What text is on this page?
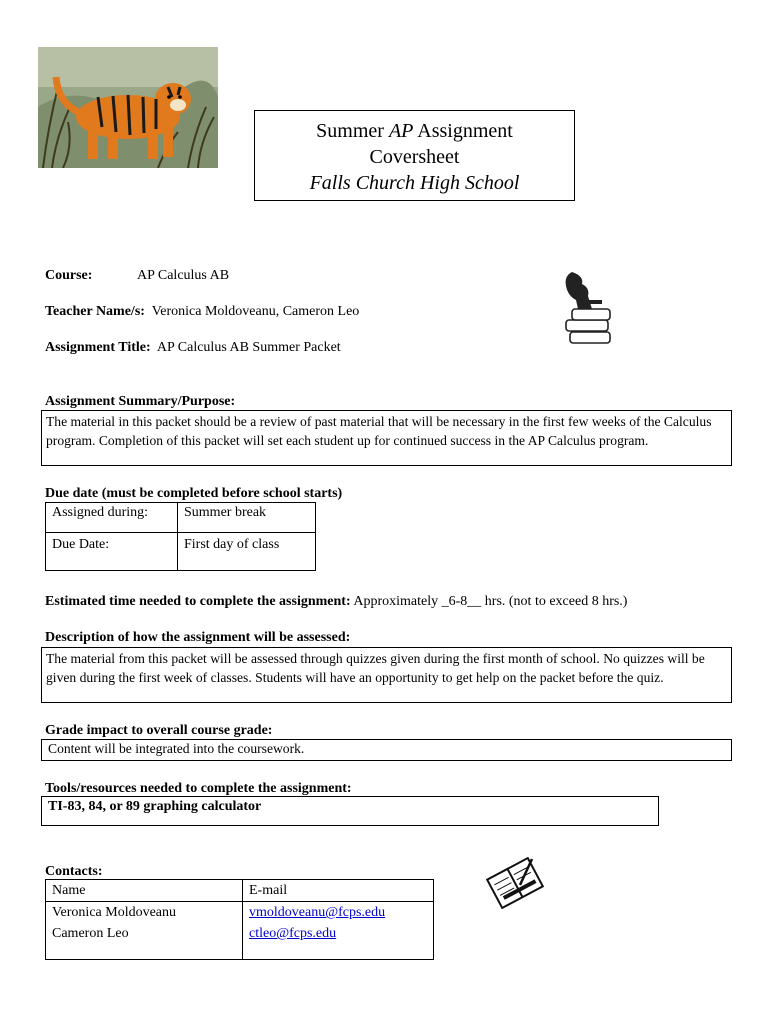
Summer AP Assignment
Coversheet
Falls Church High School
Course:	AP Calculus AB
Teacher Name/s: Veronica Moldoveanu, Cameron Leo
Assignment Title: AP Calculus AB Summer Packet
Assignment Summary/Purpose:
The material in this packet should be a review of past material that will be necessary in the first few weeks of the Calculus program. Completion of this packet will set each student up for continued success in the AP Calculus program.
Due date (must be completed before school starts)
Assigned during:	Summer break
Due Date:	First day of class
Estimated time needed to complete the assignment: Approximately _6-8__ hrs. (not to exceed 8 hrs.)
Description of how the assignment will be assessed:
The material from this packet will be assessed through quizzes given during the first month of school. No quizzes will be given during the first week of classes. Students will have an opportunity to get help on the packet before the quiz.
Grade impact to overall course grade:
Content will be integrated into the coursework.
Tools/resources needed to complete the assignment:
TI-83, 84, or 89 graphing calculator
Contacts:
Name	E-mail
Veronica Moldoveanu	vmoldoveanu@fcps.edu
Cameron Leo	ctleo@fcps.edu
